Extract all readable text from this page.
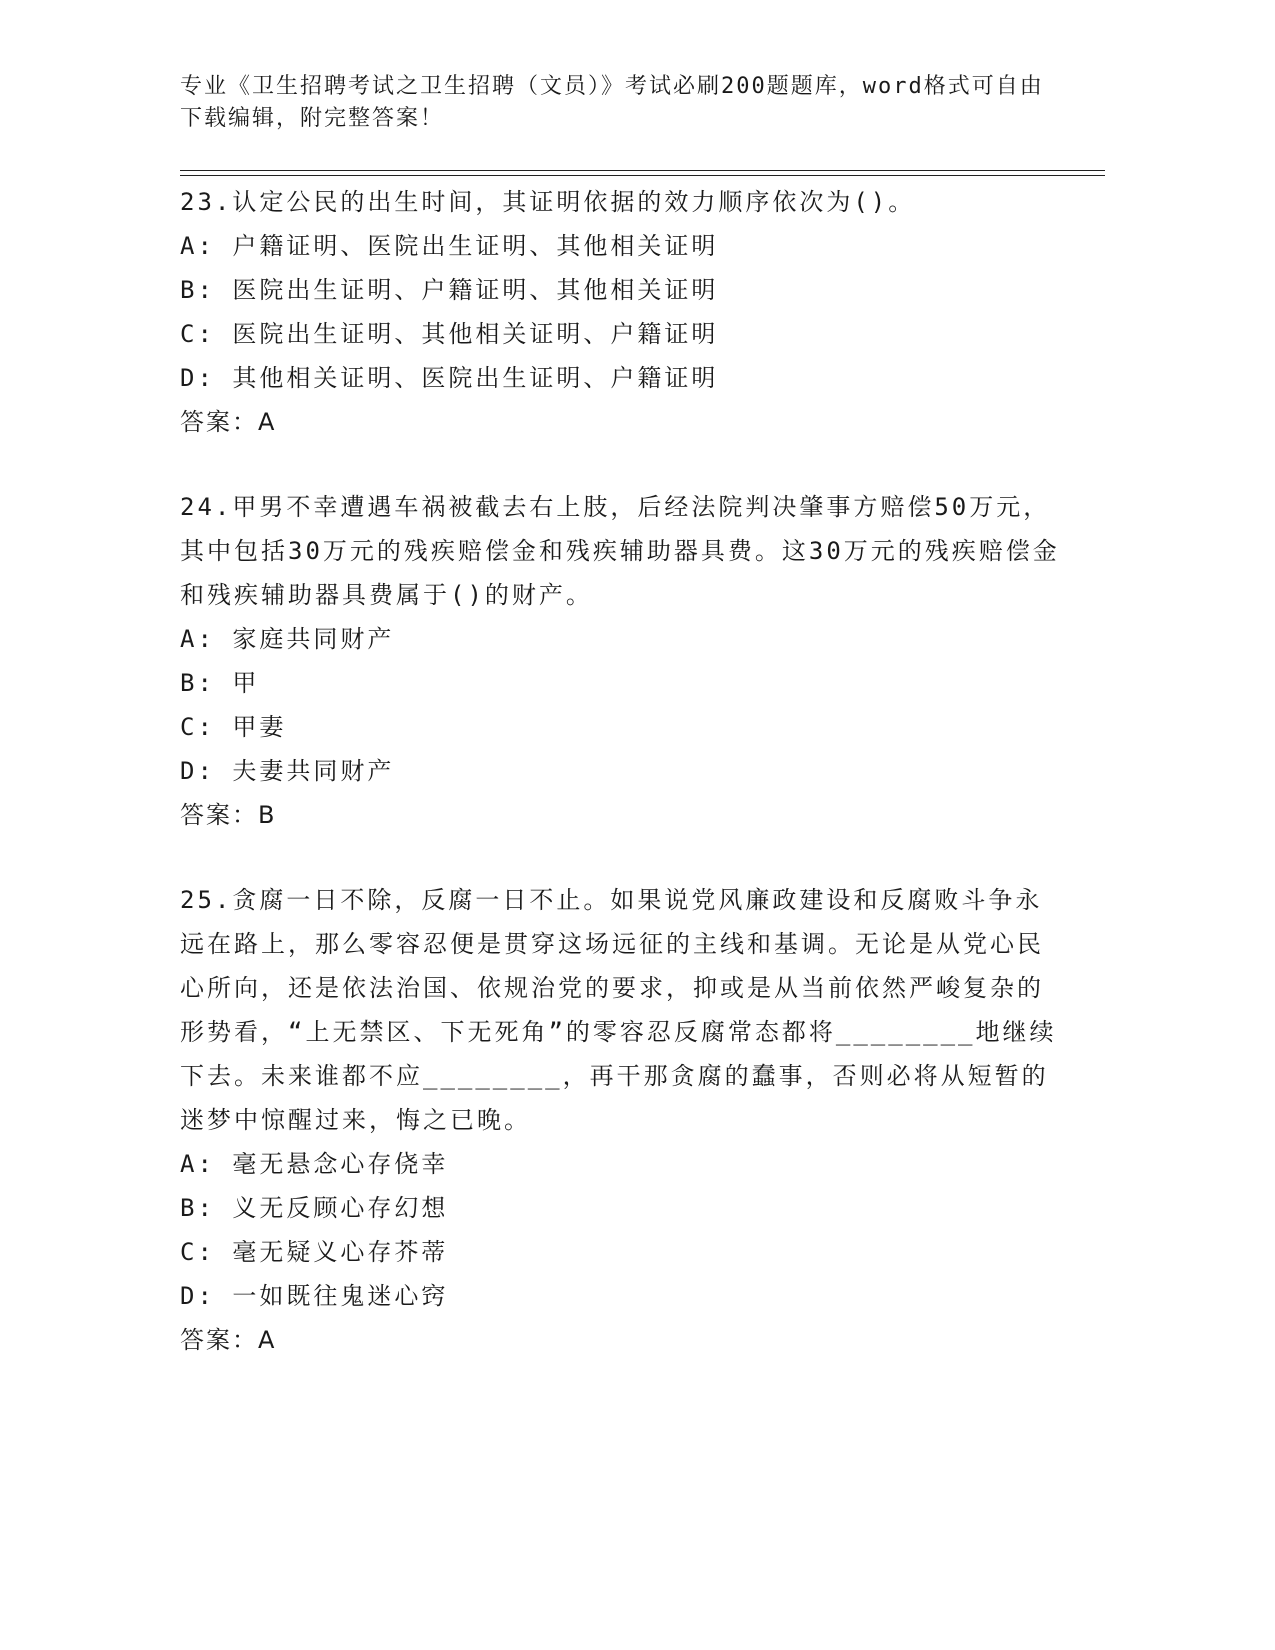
专业《卫生招聘考试之卫生招聘（文员）》考试必刷200题题库，word格式可自由下载编辑，附完整答案！

23.认定公民的出生时间，其证明依据的效力顺序依次为()。

A: 户籍证明、医院出生证明、其他相关证明

B: 医院出生证明、户籍证明、其他相关证明

C: 医院出生证明、其他相关证明、户籍证明

D: 其他相关证明、医院出生证明、户籍证明

答案：A

24.甲男不幸遭遇车祸被截去右上肢，后经法院判决肇事方赔偿50万元，其中包括30万元的残疾赔偿金和残疾辅助器具费。这30万元的残疾赔偿金和残疾辅助器具费属于()的财产。

A: 家庭共同财产

B: 甲

C: 甲妻

D: 夫妻共同财产

答案：B

25.贪腐一日不除，反腐一日不止。如果说党风廉政建设和反腐败斗争永远在路上，那么零容忍便是贯穿这场远征的主线和基调。无论是从党心民心所向，还是依法治国、依规治党的要求，抑或是从当前依然严峻复杂的形势看，“上无禁区、下无死角”的零容忍反腐常态都将________地继续下去。未来谁都不应________，再干那贪腐的蠢事，否则必将从短暂的迷梦中惊醒过来，悔之已晚。

A: 毫无悬念心存侥幸

B: 义无反顾心存幻想

C: 毫无疑义心存芥蒂

D: 一如既往鬼迷心窍

答案：A
